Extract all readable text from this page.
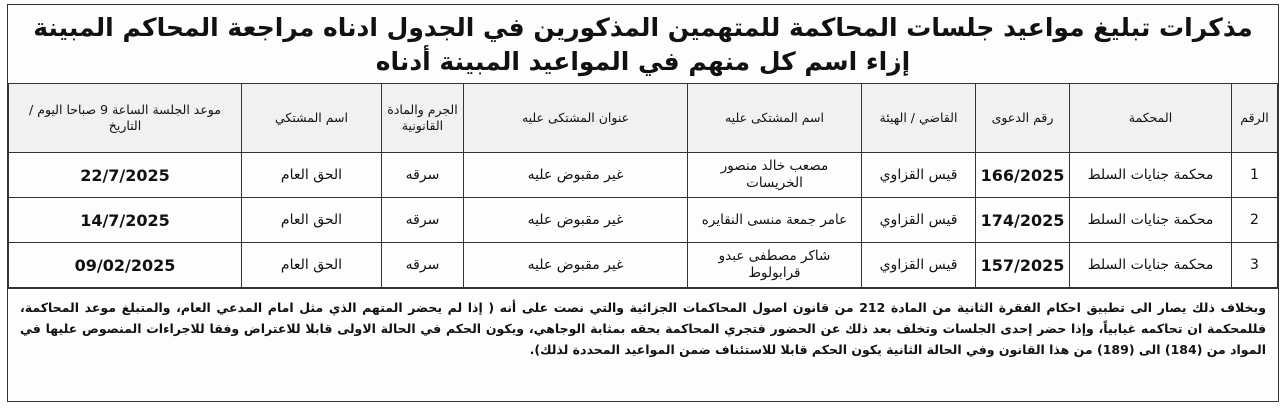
مذكرات تبليغ مواعيد جلسات المحاكمة للمتهمين المذكورين في الجدول ادناه مراجعة المحاكم المبينة إزاء اسم كل منهم في المواعيد المبينة أدناه
الرقم	المحكمة	رقم الدعوى	القاضي / الهيئة	اسم المشتكى عليه	عنوان المشتكى عليه	الجرم والمادة القانونية	اسم المشتكي	موعد الجلسة الساعة 9 صباحا اليوم / التاريخ
1	محكمة جنايات السلط	166/2025	قيس القزاوي	مصعب خالد منصور الخريسات	غير مقبوض عليه	سرقه	الحق العام	22/7/2025
2	محكمة جنايات السلط	174/2025	قيس القزاوي	عامر جمعة منسى النقايره	غير مقبوض عليه	سرقه	الحق العام	14/7/2025
3	محكمة جنايات السلط	157/2025	قيس القزاوي	شاكر مصطفى عبدو قرابولوط	غير مقبوض عليه	سرقه	الحق العام	09/02/2025
وبخلاف ذلك يصار الى تطبيق احكام الفقرة الثانية من المادة 212 من قانون اصول المحاكمات الجزائية والتي نصت على أنه ( إذا لم يحضر المتهم الذي مثل امام المدعي العام، والمتبلغ موعد المحاكمة، فللمحكمة ان تحاكمه غيابياً، وإذا حضر إحدى الجلسات وتخلف بعد ذلك عن الحضور فتجري المحاكمة بحقه بمثابة الوجاهي، ويكون الحكم في الحالة الاولى قابلا للاعتراض وفقا للاجراءات المنصوص عليها في المواد من (184) الى (189) من هذا القانون وفي الحالة الثانية يكون الحكم قابلا للاستئناف ضمن المواعيد المحددة لذلك).
